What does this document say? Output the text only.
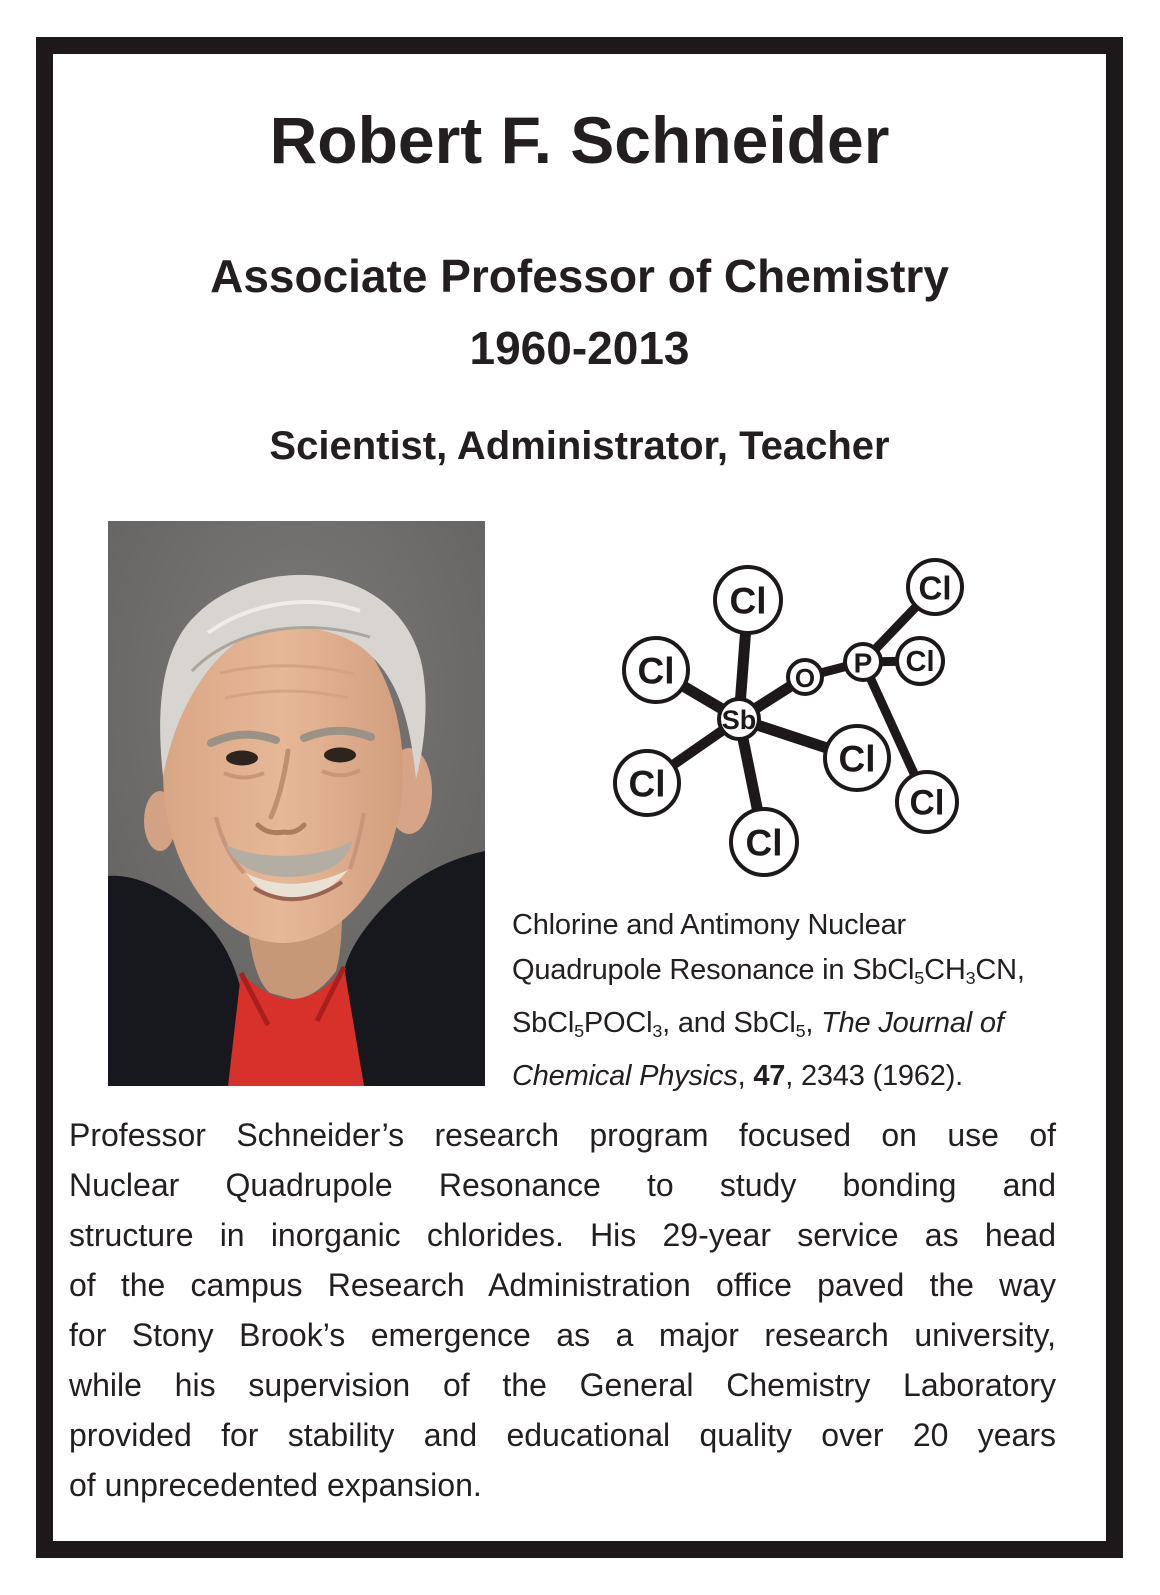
Robert F. Schneider
Associate Professor of Chemistry
1960-2013
Scientist, Administrator, Teacher
Cl
Cl
Cl
Cl
Cl
Cl
Cl
Cl
O P
Sb
Chlorine and Antimony Nuclear
Quadrupole Resonance in SbCl5CH3CN,
SbCl5POCl3, and SbCl5, The Journal of
Chemical Physics, 47, 2343 (1962).
Professor Schneider’s research program focused on use of
Nuclear Quadrupole Resonance to study bonding and
structure in inorganic chlorides. His 29-year service as head
of the campus Research Administration office paved the way
for Stony Brook’s emergence as a major research university,
while his supervision of the General Chemistry Laboratory
provided for stability and educational quality over 20 years
of unprecedented expansion.
